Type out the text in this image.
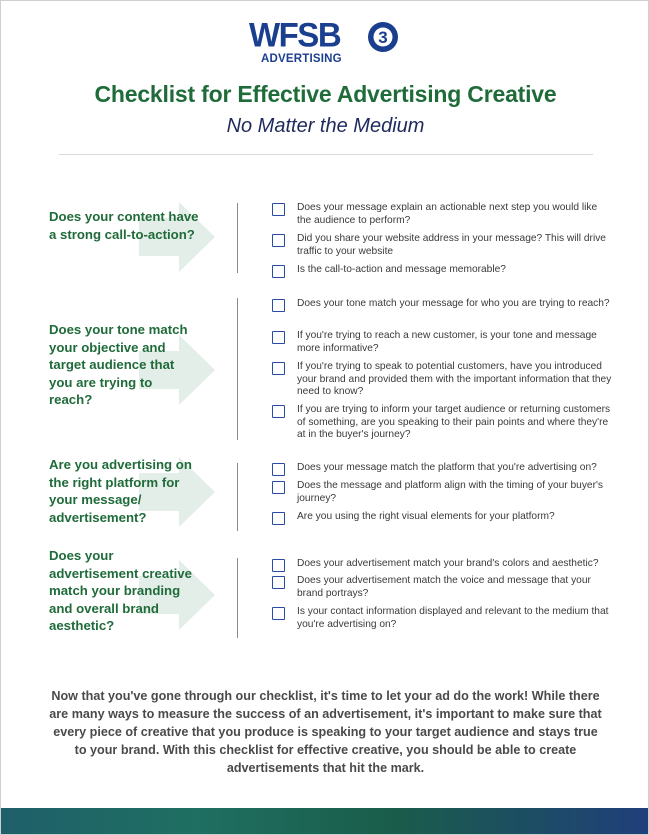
WFSB 3
ADVERTISING
Checklist for Effective Advertising Creative
No Matter the Medium
Does your content have a strong call-to-action?
Does your message explain an actionable next step you would like the audience to perform?
Did you share your website address in your message? This will drive traffic to your website
Is the call-to-action and message memorable?
Does your tone match your objective and target audience that you are trying to reach?
Does your tone match your message for who you are trying to reach?
If you're trying to reach a new customer, is your tone and message more informative?
If you're trying to speak to potential customers, have you introduced your brand and provided them with the important information that they need to know?
If you are trying to inform your target audience or returning customers of something, are you speaking to their pain points and where they're at in the buyer's journey?
Are you advertising on the right platform for your message/ advertisement?
Does your message match the platform that you're advertising on?
Does the message and platform align with the timing of your buyer's journey?
Are you using the right visual elements for your platform?
Does your advertisement creative match your branding and overall brand aesthetic?
Does your advertisement match your brand's colors and aesthetic?
Does your advertisement match the voice and message that your brand portrays?
Is your contact information displayed and relevant to the medium that you're advertising on?
Now that you've gone through our checklist, it's time to let your ad do the work! While there are many ways to measure the success of an advertisement, it's important to make sure that every piece of creative that you produce is speaking to your target audience and stays true to your brand. With this checklist for effective creative, you should be able to create advertisements that hit the mark.
